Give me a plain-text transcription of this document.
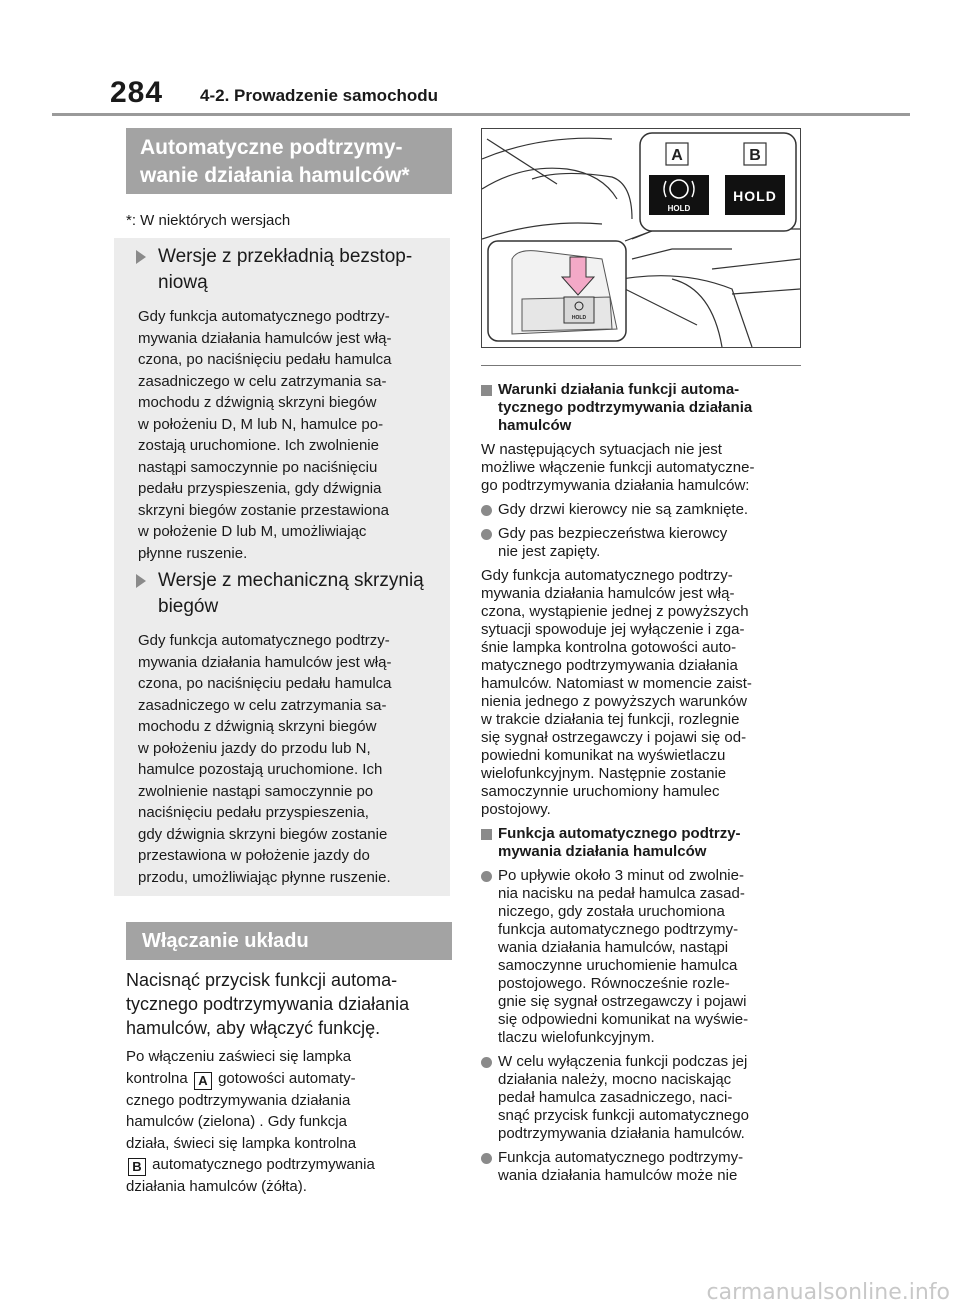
284 4-2. Prowadzenie samochodu
Automatyczne podtrzymy-
wanie działania hamulców*
*: W niektórych wersjach
Wersje z przekładnią bezstop-
niową
Gdy funkcja automatycznego podtrzy-
mywania działania hamulców jest włą-
czona, po naciśnięciu pedału hamulca
zasadniczego w celu zatrzymania sa-
mochodu z dźwignią skrzyni biegów
w położeniu D, M lub N, hamulce po-
zostają uruchomione. Ich zwolnienie
nastąpi samoczynnie po naciśnięciu
pedału przyspieszenia, gdy dźwignia
skrzyni biegów zostanie przestawiona
w położenie D lub M, umożliwiając
płynne ruszenie.
Wersje z mechaniczną skrzynią
biegów
Gdy funkcja automatycznego podtrzy-
mywania działania hamulców jest włą-
czona, po naciśnięciu pedału hamulca
zasadniczego w celu zatrzymania sa-
mochodu z dźwignią skrzyni biegów
w położeniu jazdy do przodu lub N,
hamulce pozostają uruchomione. Ich
zwolnienie nastąpi samoczynnie po
naciśnięciu pedału przyspieszenia,
gdy dźwignia skrzyni biegów zostanie
przestawiona w położenie jazdy do
przodu, umożliwiając płynne ruszenie.
Włączanie układu
Nacisnąć przycisk funkcji automa-
tycznego podtrzymywania działania
hamulców, aby włączyć funkcję.
Po włączeniu zaświeci się lampka
kontrolna A gotowości automaty-
cznego podtrzymywania działania
hamulców (zielona) . Gdy funkcja
działa, świeci się lampka kontrolna
B automatycznego podtrzymywania
działania hamulców (żółta).
A	B
HOLD
HOLD
HOLD
Warunki działania funkcji automa-
tycznego podtrzymywania działania
hamulców
W następujących sytuacjach nie jest
możliwe włączenie funkcji automatyczne-
go podtrzymywania działania hamulców:
Gdy drzwi kierowcy nie są zamknięte.
Gdy pas bezpieczeństwa kierowcy
nie jest zapięty.
Gdy funkcja automatycznego podtrzy-
mywania działania hamulców jest włą-
czona, wystąpienie jednej z powyższych
sytuacji spowoduje jej wyłączenie i zga-
śnie lampka kontrolna gotowości auto-
matycznego podtrzymywania działania
hamulców. Natomiast w momencie zaist-
nienia jednego z powyższych warunków
w trakcie działania tej funkcji, rozlegnie
się sygnał ostrzegawczy i pojawi się od-
powiedni komunikat na wyświetlaczu
wielofunkcyjnym. Następnie zostanie
samoczynnie uruchomiony hamulec
postojowy.
Funkcja automatycznego podtrzy-
mywania działania hamulców
Po upływie około 3 minut od zwolnie-
nia nacisku na pedał hamulca zasad-
niczego, gdy została uruchomiona
funkcja automatycznego podtrzymy-
wania działania hamulców, nastąpi
samoczynne uruchomienie hamulca
postojowego. Równocześnie rozle-
gnie się sygnał ostrzegawczy i pojawi
się odpowiedni komunikat na wyświe-
tlaczu wielofunkcyjnym.
W celu wyłączenia funkcji podczas jej
działania należy, mocno naciskając
pedał hamulca zasadniczego, naci-
snąć przycisk funkcji automatycznego
podtrzymywania działania hamulców.
Funkcja automatycznego podtrzymy-
wania działania hamulców może nie
carmanualsonline.info
